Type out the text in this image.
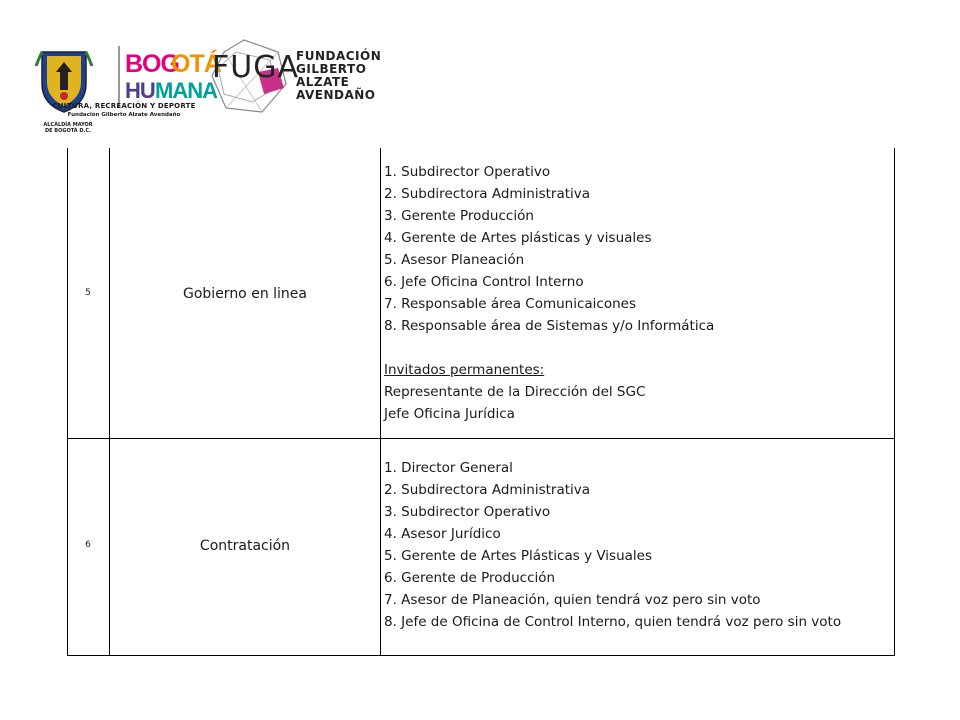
ALCALDÍA MAYOR
DE BOGOTÁ D.C.
BOG
OTÁ
HU MANA
CULTURA, RECREACIÓN Y DEPORTE
Fundación Gilberto Alzate Avendaño
FUGA
FUNDACIÓN
GILBERTO
ALZATE
AVENDAÑO
5	Gobierno en linea
1. Subdirector Operativo
2. Subdirectora Administrativa
3. Gerente Producción
4. Gerente de Artes plásticas y visuales
5. Asesor Planeación
6. Jefe Oficina Control Interno
7. Responsable área Comunicaicones
8. Responsable área de Sistemas y/o Informática
Invitados permanentes:
Representante de la Dirección del SGC
Jefe Oficina Jurídica
6	Contratación
1. Director General
2. Subdirectora Administrativa
3. Subdirector Operativo
4. Asesor Jurídico
5. Gerente de Artes Plásticas y Visuales
6. Gerente de Producción
7. Asesor de Planeación, quien tendrá voz pero sin voto
8. Jefe de Oficina de Control Interno, quien tendrá voz pero sin voto
